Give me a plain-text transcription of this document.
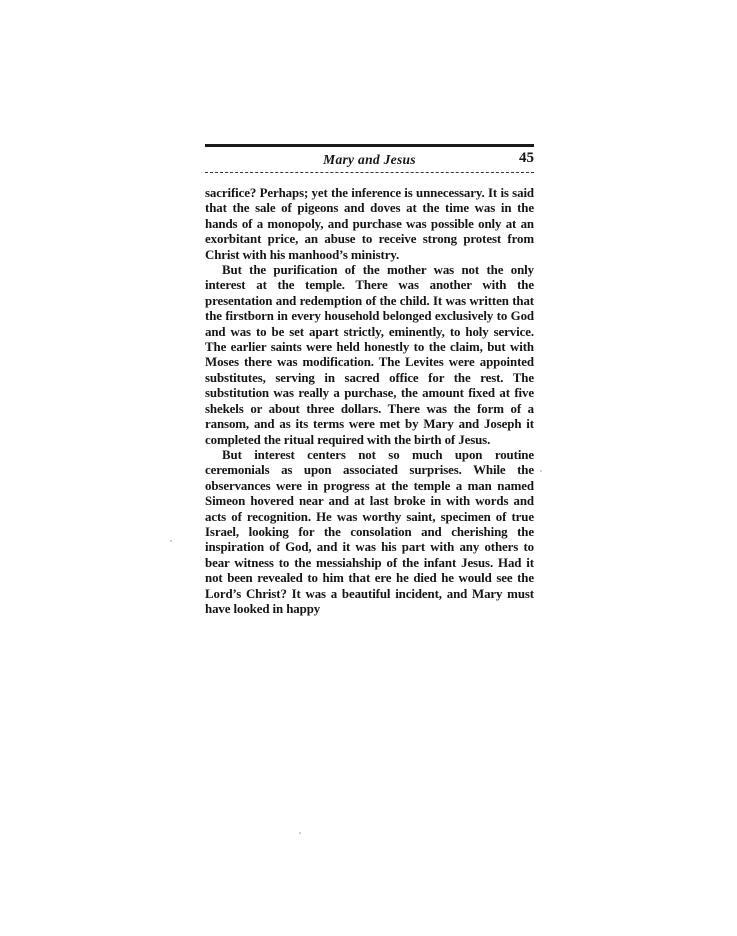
Mary and Jesus	45

sacrifice? Perhaps; yet the inference is unnecessary. It is said that the sale of pigeons and doves at the time was in the hands of a monopoly, and purchase was possible only at an exorbitant price, an abuse to receive strong protest from Christ with his manhood’s ministry.

But the purification of the mother was not the only interest at the temple. There was another with the presentation and redemption of the child. It was written that the firstborn in every household belonged exclusively to God and was to be set apart strictly, eminently, to holy service. The earlier saints were held honestly to the claim, but with Moses there was modification. The Levites were appointed substitutes, serving in sacred office for the rest. The substitution was really a purchase, the amount fixed at five shekels or about three dollars. There was the form of a ransom, and as its terms were met by Mary and Joseph it completed the ritual required with the birth of Jesus.

But interest centers not so much upon routine ceremonials as upon associated surprises. While the observances were in progress at the temple a man named Simeon hovered near and at last broke in with words and acts of recognition. He was worthy saint, specimen of true Israel, looking for the consolation and cherishing the inspiration of God, and it was his part with any others to bear witness to the messiahship of the infant Jesus. Had it not been revealed to him that ere he died he would see the Lord’s Christ? It was a beautiful incident, and Mary must have looked in happy
